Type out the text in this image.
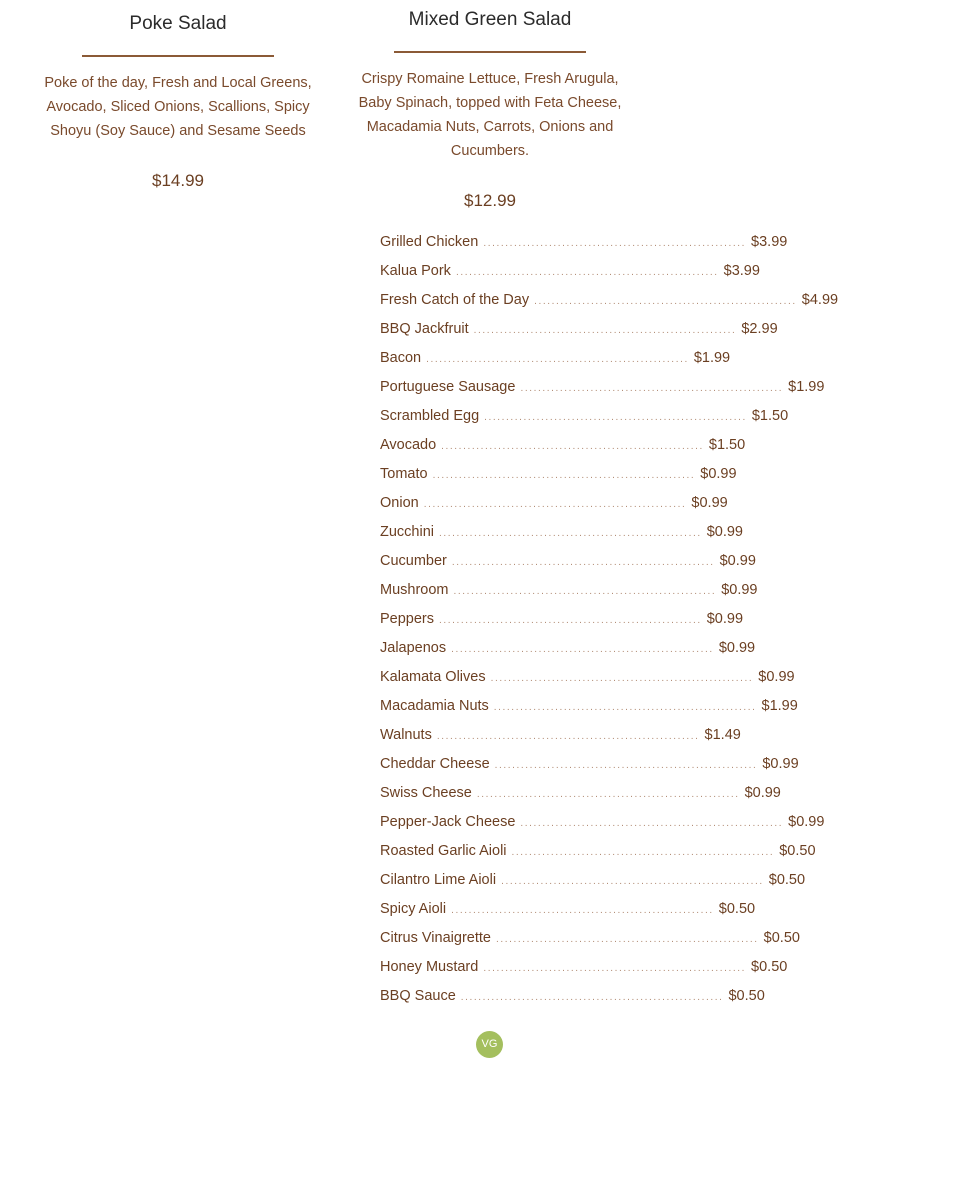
Poke Salad

Poke of the day, Fresh and Local Greens, Avocado, Sliced Onions, Scallions, Spicy Shoyu (Soy Sauce) and Sesame Seeds

$14.99
Mixed Green Salad

Crispy Romaine Lettuce, Fresh Arugula, Baby Spinach, topped with Feta Cheese, Macadamia Nuts, Carrots, Onions and Cucumbers.

$12.99
Grilled Chicken ............................................................ $3.99
Kalua Pork ............................................................ $3.99
Fresh Catch of the Day ............................................................ $4.99
BBQ Jackfruit ............................................................ $2.99
Bacon ............................................................ $1.99
Portuguese Sausage ............................................................ $1.99
Scrambled Egg ............................................................ $1.50
Avocado ............................................................ $1.50
Tomato ............................................................ $0.99
Onion ............................................................ $0.99
Zucchini ............................................................ $0.99
Cucumber ............................................................ $0.99
Mushroom ............................................................ $0.99
Peppers ............................................................ $0.99
Jalapenos ............................................................ $0.99
Kalamata Olives ............................................................ $0.99
Macadamia Nuts ............................................................ $1.99
Walnuts ............................................................ $1.49
Cheddar Cheese ............................................................ $0.99
Swiss Cheese ............................................................ $0.99
Pepper-Jack Cheese ............................................................ $0.99
Roasted Garlic Aioli ............................................................ $0.50
Cilantro Lime Aioli ............................................................ $0.50
Spicy Aioli ............................................................ $0.50
Citrus Vinaigrette ............................................................ $0.50
Honey Mustard ............................................................ $0.50
BBQ Sauce ............................................................ $0.50
VG
